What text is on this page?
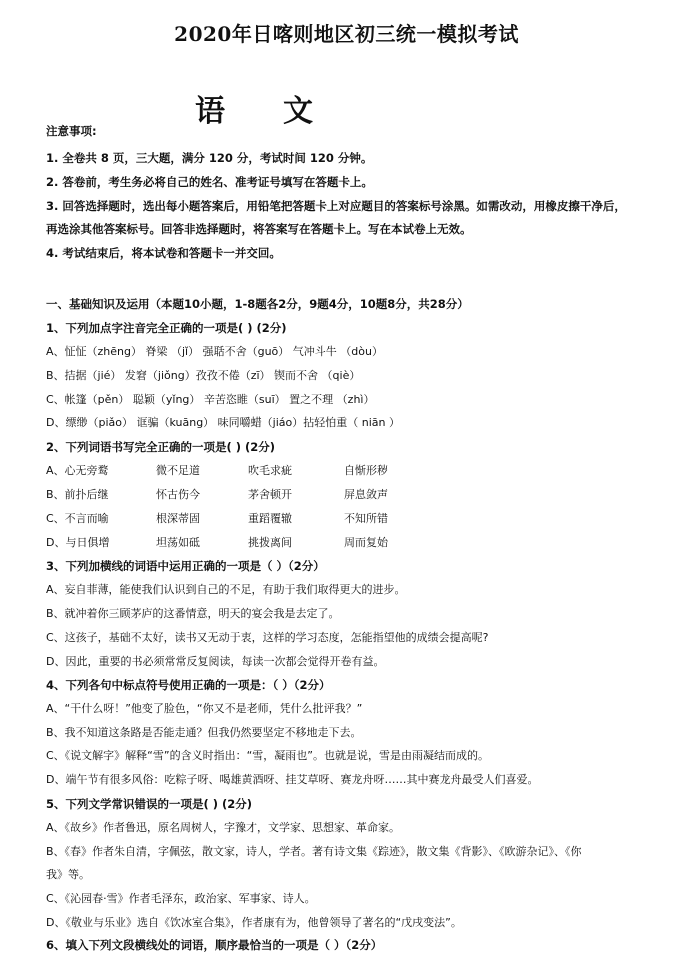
2020年日喀则地区初三统一模拟考试
语 文
注意事项:
1. 全卷共 8 页，三大题，满分 120 分，考试时间 120 分钟。
2. 答卷前，考生务必将自己的姓名、准考证号填写在答题卡上。
3. 回答选择题时，选出每小题答案后，用铅笔把答题卡上对应题目的答案标号涂黑。如需改动，用橡皮擦干净后，
再选涂其他答案标号。回答非选择题时，将答案写在答题卡上。写在本试卷上无效。
4. 考试结束后，将本试卷和答题卡一并交回。
一、基础知识及运用（本题10小题，1-8题各2分，9题4分，10题8分，共28分）
1、下列加点字注音完全正确的一项是( ) (2分)
A、怔怔（zhēng） 脊梁 （jǐ） 强聒不舍（guō） 气冲斗牛 （dòu）
B、拮据（jié） 发窘（jiǒng）孜孜不倦（zī） 锲而不舍 （qiè）
C、帐篷（pěn） 聪颖（yǐng） 辛苦恣睢（suī） 置之不理 （zhì）
D、缥缈（piǎo） 诓骗（kuāng） 味同嚼蜡（jiáo）拈轻怕重（ niān ）
2、下列词语书写完全正确的一项是( ) (2分)
A、心无旁鹜	微不足道	吹毛求疵	自惭形秽
B、前扑后继	怀古伤今	茅舍顿开	屏息敛声
C、不言而喻	根深蒂固	重蹈覆辙	不知所错
D、与日俱增	坦荡如砥	挑拨离间	周而复始
3、下列加横线的词语中运用正确的一项是（ ）（2分）
A、妄自菲薄，能使我们认识到自己的不足，有助于我们取得更大的进步。
B、就冲着你三顾茅庐的这番情意，明天的宴会我是去定了。
C、这孩子，基础不太好，读书又无动于衷，这样的学习态度，怎能指望他的成绩会提高呢?
D、因此，重要的书必须常常反复阅读，每读一次都会觉得开卷有益。
4、下列各句中标点符号使用正确的一项是：（ ）（2分）
A、“干什么呀！”他变了脸色，“你又不是老师，凭什么批评我？”
B、我不知道这条路是否能走通？但我仍然要坚定不移地走下去。
C、《说文解字》解释“雪”的含义时指出：“雪，凝雨也”。也就是说，雪是由雨凝结而成的。
D、端午节有很多风俗：吃粽子呀、喝雄黄酒呀、挂艾草呀、赛龙舟呀……其中赛龙舟最受人们喜爱。
5、下列文学常识错误的一项是( ) (2分)
A、《故乡》作者鲁迅，原名周树人，字豫才，文学家、思想家、革命家。
B、《春》作者朱自清，字佩弦，散文家，诗人，学者。著有诗文集《踪迹》，散文集《背影》、《欧游杂记》、《你
我》等。
C、《沁园春·雪》作者毛泽东，政治家、军事家、诗人。
D、《敬业与乐业》选自《饮冰室合集》，作者康有为，他曾领导了著名的“戊戌变法”。
6、填入下列文段横线处的词语，顺序最恰当的一项是（ ）（2分）
